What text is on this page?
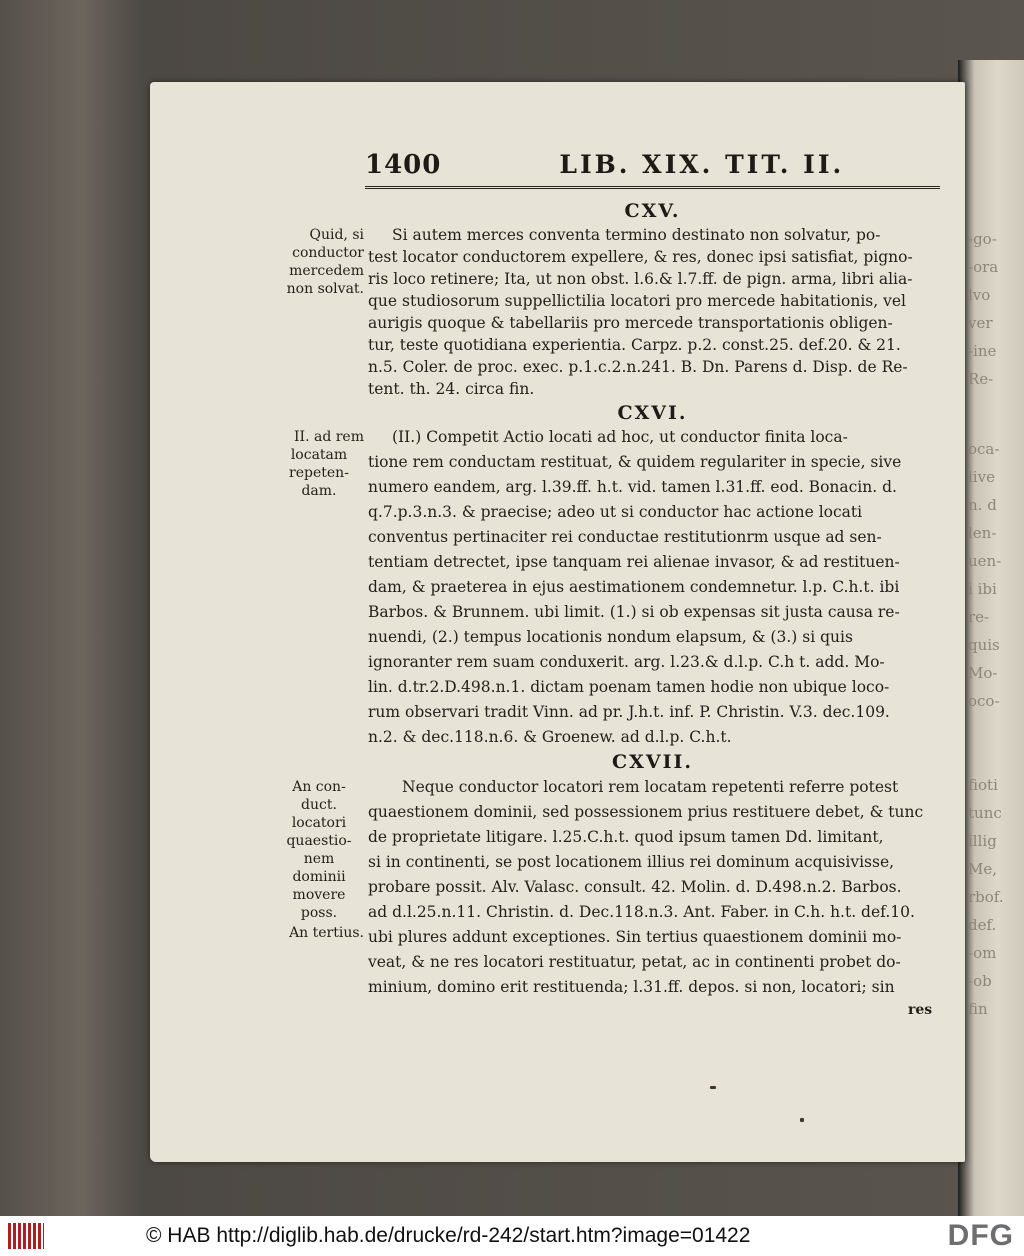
-go-
-ora
lvo
ver
-ine
Re-
oca-
live
n. d
len-
uen-
i ibi
re-
quis
Mo-
oco-
fioti
tunc
illig
Me,
rbof.
def.
-om
-ob
fin
1400	LIB. XIX. TIT. II.
CXV.
Si autem merces conventa termino destinato non solvatur, po-
test locator conductorem expellere, & res, donec ipsi satisfiat, pigno-
ris loco retinere; Ita, ut non obst. l.6.& l.7.ff. de pign. arma, libri alia-
que studiosorum suppellictilia locatori pro mercede habitationis, vel
aurigis quoque & tabellariis pro mercede transportationis obligen-
tur, teste quotidiana experientia. Carpz. p.2. const.25. def.20. & 21.
n.5. Coler. de proc. exec. p.1.c.2.n.241. B. Dn. Parens d. Disp. de Re-
tent. th. 24. circa fin.
CXVI.
(II.) Competit Actio locati ad hoc, ut conductor finita loca-
tione rem conductam restituat, & quidem regulariter in specie, sive
numero eandem, arg. l.39.ff. h.t. vid. tamen l.31.ff. eod. Bonacin. d.
q.7.p.3.n.3. & praecise; adeo ut si conductor hac actione locati
conventus pertinaciter rei conductae restitutionrm usque ad sen-
tentiam detrectet, ipse tanquam rei alienae invasor, & ad restituen-
dam, & praeterea in ejus aestimationem condemnetur. l.p. C.h.t. ibi
Barbos. & Brunnem. ubi limit. (1.) si ob expensas sit justa causa re-
nuendi, (2.) tempus locationis nondum elapsum, & (3.) si quis
ignoranter rem suam conduxerit. arg. l.23.& d.l.p. C.h t. add. Mo-
lin. d.tr.2.D.498.n.1. dictam poenam tamen hodie non ubique loco-
rum observari tradit Vinn. ad pr. J.h.t. inf. P. Christin. V.3. dec.109.
n.2. & dec.118.n.6. & Groenew. ad d.l.p. C.h.t.
CXVII.
Neque conductor locatori rem locatam repetenti referre potest
quaestionem dominii, sed possessionem prius restituere debet, & tunc
de proprietate litigare. l.25.C.h.t. quod ipsum tamen Dd. limitant,
si in continenti, se post locationem illius rei dominum acquisivisse,
probare possit. Alv. Valasc. consult. 42. Molin. d. D.498.n.2. Barbos.
ad d.l.25.n.11. Christin. d. Dec.118.n.3. Ant. Faber. in C.h. h.t. def.10.
ubi plures addunt exceptiones. Sin tertius quaestionem dominii mo-
veat, & ne res locatori restituatur, petat, ac in continenti probet do-
minium, domino erit restituenda; l.31.ff. depos. si non, locatori; sin
res
Quid, si
conductor
mercedem
non solvat.
II. ad rem
locatam
repeten-
dam.
An con-
duct.
locatori
quaestio-
nem
dominii
movere
poss.
An tertius.
© HAB http://diglib.hab.de/drucke/rd-242/start.htm?image=01422	DFG
